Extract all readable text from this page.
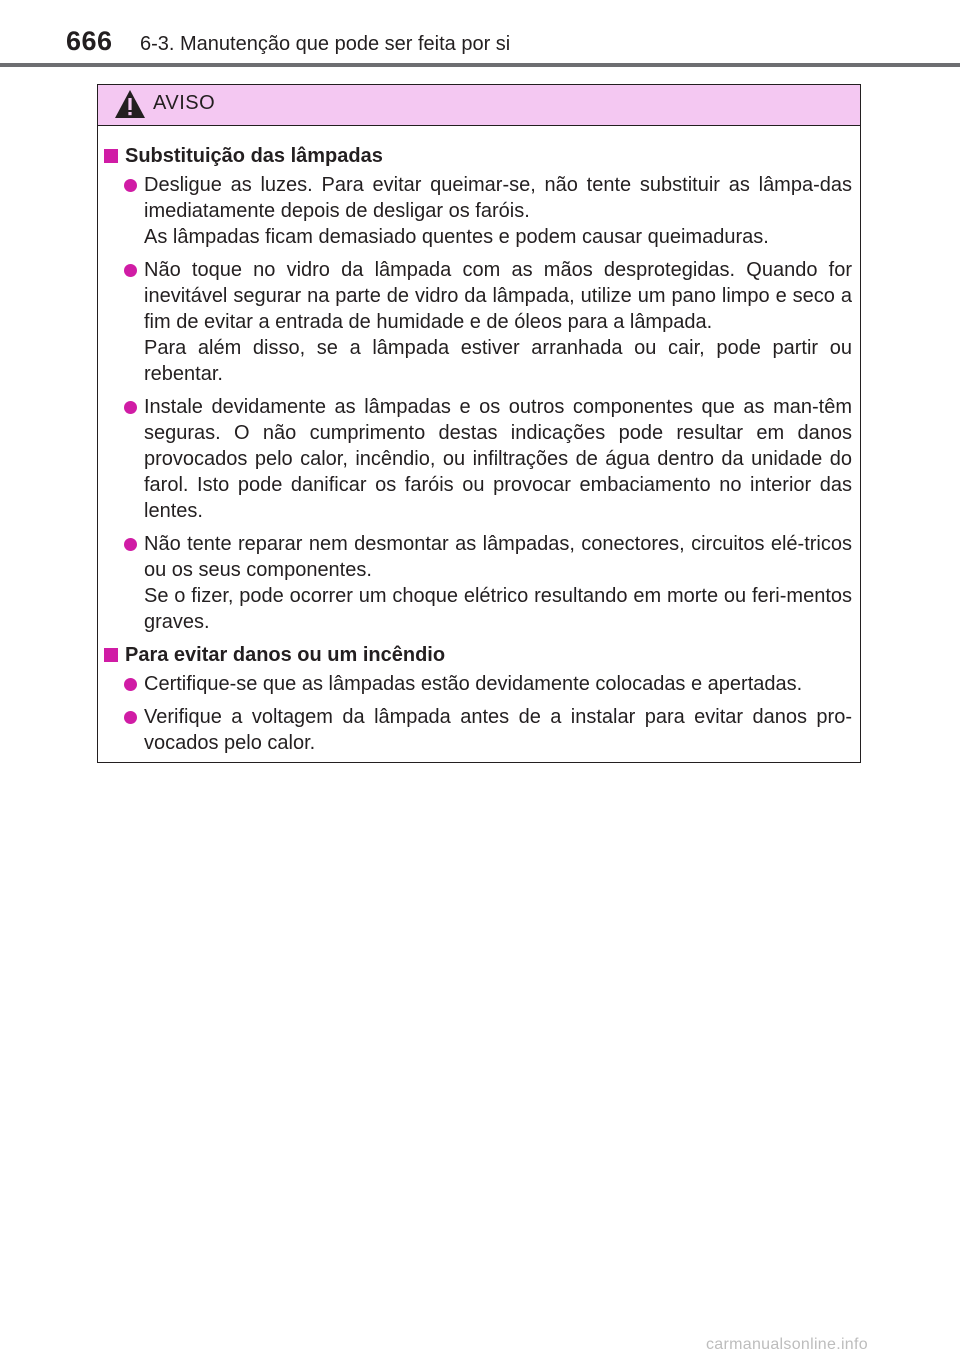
666 6-3. Manutenção que pode ser feita por si
AVISO
Substituição das lâmpadas

Desligue as luzes. Para evitar queimar-se, não tente substituir as lâmpa-das imediatamente depois de desligar os faróis.

As lâmpadas ficam demasiado quentes e podem causar queimaduras.

Não toque no vidro da lâmpada com as mãos desprotegidas. Quando for inevitável segurar na parte de vidro da lâmpada, utilize um pano limpo e seco a fim de evitar a entrada de humidade e de óleos para a lâmpada.

Para além disso, se a lâmpada estiver arranhada ou cair, pode partir ou rebentar.

Instale devidamente as lâmpadas e os outros componentes que as man-têm seguras. O não cumprimento destas indicações pode resultar em danos provocados pelo calor, incêndio, ou infiltrações de água dentro da unidade do farol. Isto pode danificar os faróis ou provocar embaciamento no interior das lentes.

Não tente reparar nem desmontar as lâmpadas, conectores, circuitos elé-tricos ou os seus componentes.

Se o fizer, pode ocorrer um choque elétrico resultando em morte ou feri-mentos graves.

Para evitar danos ou um incêndio

Certifique-se que as lâmpadas estão devidamente colocadas e apertadas.

Verifique a voltagem da lâmpada antes de a instalar para evitar danos pro-vocados pelo calor.

carmanualsonline.info
